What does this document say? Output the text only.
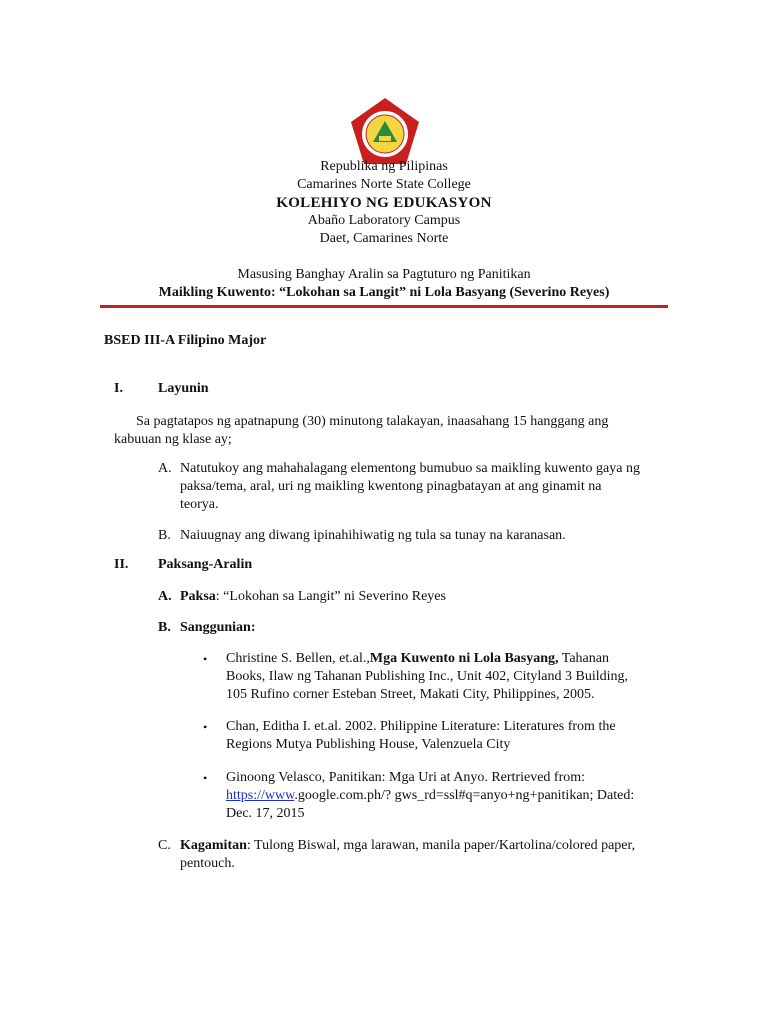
Republika ng Pilipinas
Camarines Norte State College
KOLEHIYO NG EDUKASYON
Abaño Laboratory Campus
Daet, Camarines Norte
Masusing Banghay Aralin sa Pagtuturo ng Panitikan
Maikling Kuwento: “Lokohan sa Langit” ni Lola Basyang (Severino Reyes)
BSED III-A Filipino Major
I.	Layunin
Sa pagtatapos ng apatnapung (30) minutong talakayan, inaasahang 15 hanggang ang
kabuuan ng klase ay;
A. Natutukoy ang mahahalagang elementong bumubuo sa maikling kuwento gaya ng
paksa/tema, aral, uri ng maikling kwentong pinagbatayan at ang ginamit na
teorya.
B. Naiuugnay ang diwang ipinahihiwatig ng tula sa tunay na karanasan.
II. Paksang-Aralin
A. Paksa: “Lokohan sa Langit” ni Severino Reyes
B. Sanggunian:
• Christine S. Bellen, et.al.,Mga Kuwento ni Lola Basyang, Tahanan
Books, Ilaw ng Tahanan Publishing Inc., Unit 402, Cityland 3 Building,
105 Rufino corner Esteban Street, Makati City, Philippines, 2005.
• Chan, Editha I. et.al. 2002. Philippine Literature: Literatures from the
Regions Mutya Publishing House, Valenzuela City
• Ginoong Velasco, Panitikan: Mga Uri at Anyo. Rertrieved from:
https://www.google.com.ph/? gws_rd=ssl#q=anyo+ng+panitikan; Dated:
Dec. 17, 2015
C. Kagamitan: Tulong Biswal, mga larawan, manila paper/Kartolina/colored paper,
pentouch.
